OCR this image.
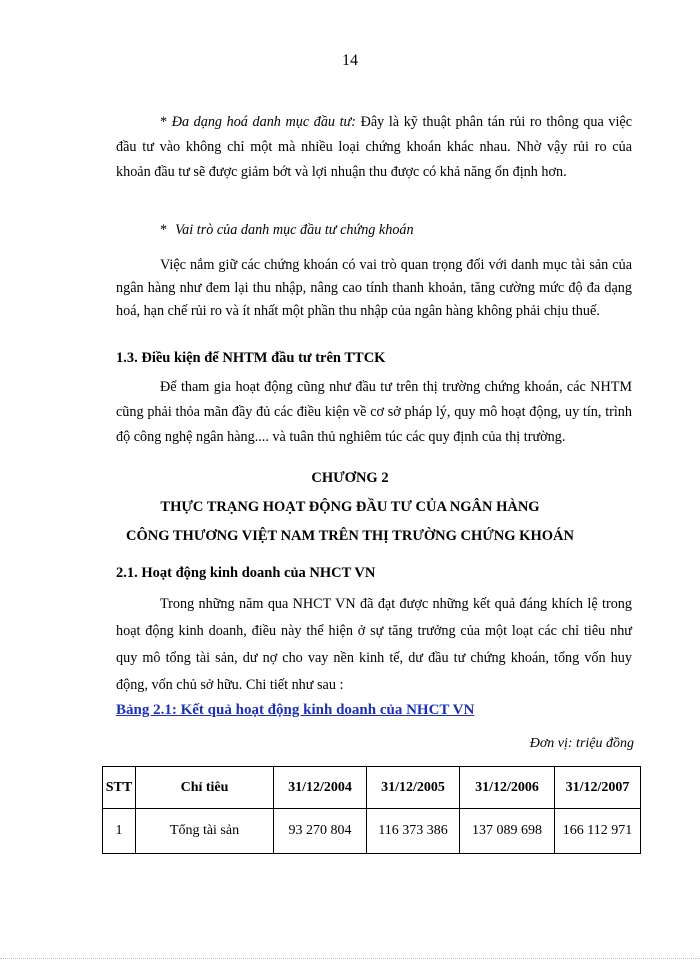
14

* Đa dạng hoá danh mục đầu tư: Đây là kỹ thuật phân tán rủi ro thông qua việc đầu tư vào không chỉ một mà nhiều loại chứng khoán khác nhau. Nhờ vậy rủi ro của khoản đầu tư sẽ được giảm bớt và lợi nhuận thu được có khả năng ổn định hơn.

* Vai trò của danh mục đầu tư chứng khoán

Việc nắm giữ các chứng khoán có vai trò quan trọng đối với danh mục tài sản của ngân hàng như đem lại thu nhập, nâng cao tính thanh khoản, tăng cường mức độ đa dạng hoá, hạn chế rủi ro và ít nhất một phần thu nhập của ngân hàng không phải chịu thuế.

1.3. Điều kiện để NHTM đầu tư trên TTCK

Để tham gia hoạt động cũng như đầu tư trên thị trường chứng khoán, các NHTM cũng phải thỏa mãn đầy đủ các điều kiện về cơ sở pháp lý, quy mô hoạt động, uy tín, trình độ công nghệ ngân hàng.... và tuân thủ nghiêm túc các quy định của thị trường.

CHƯƠNG 2
THỰC TRẠNG HOẠT ĐỘNG ĐẦU TƯ CỦA NGÂN HÀNG
CÔNG THƯƠNG VIỆT NAM TRÊN THỊ TRƯỜNG CHỨNG KHOÁN
2.1. Hoạt động kinh doanh của NHCT VN

Trong những năm qua NHCT VN đã đạt được những kết quả đáng khích lệ trong hoạt động kinh doanh, điều này thể hiện ở sự tăng trưởng của một loạt các chỉ tiêu như quy mô tổng tài sản, dư nợ cho vay nền kinh tế, dư đầu tư chứng khoán, tổng vốn huy động, vốn chủ sở hữu. Chi tiết như sau :

Bảng 2.1: Kết quả hoạt động kinh doanh của NHCT VN
Đơn vị: triệu đồng
STT	Chỉ tiêu	31/12/2004	31/12/2005	31/12/2006	31/12/2007
1	Tổng tài sản	93 270 804	116 373 386	137 089 698	166 112 971
